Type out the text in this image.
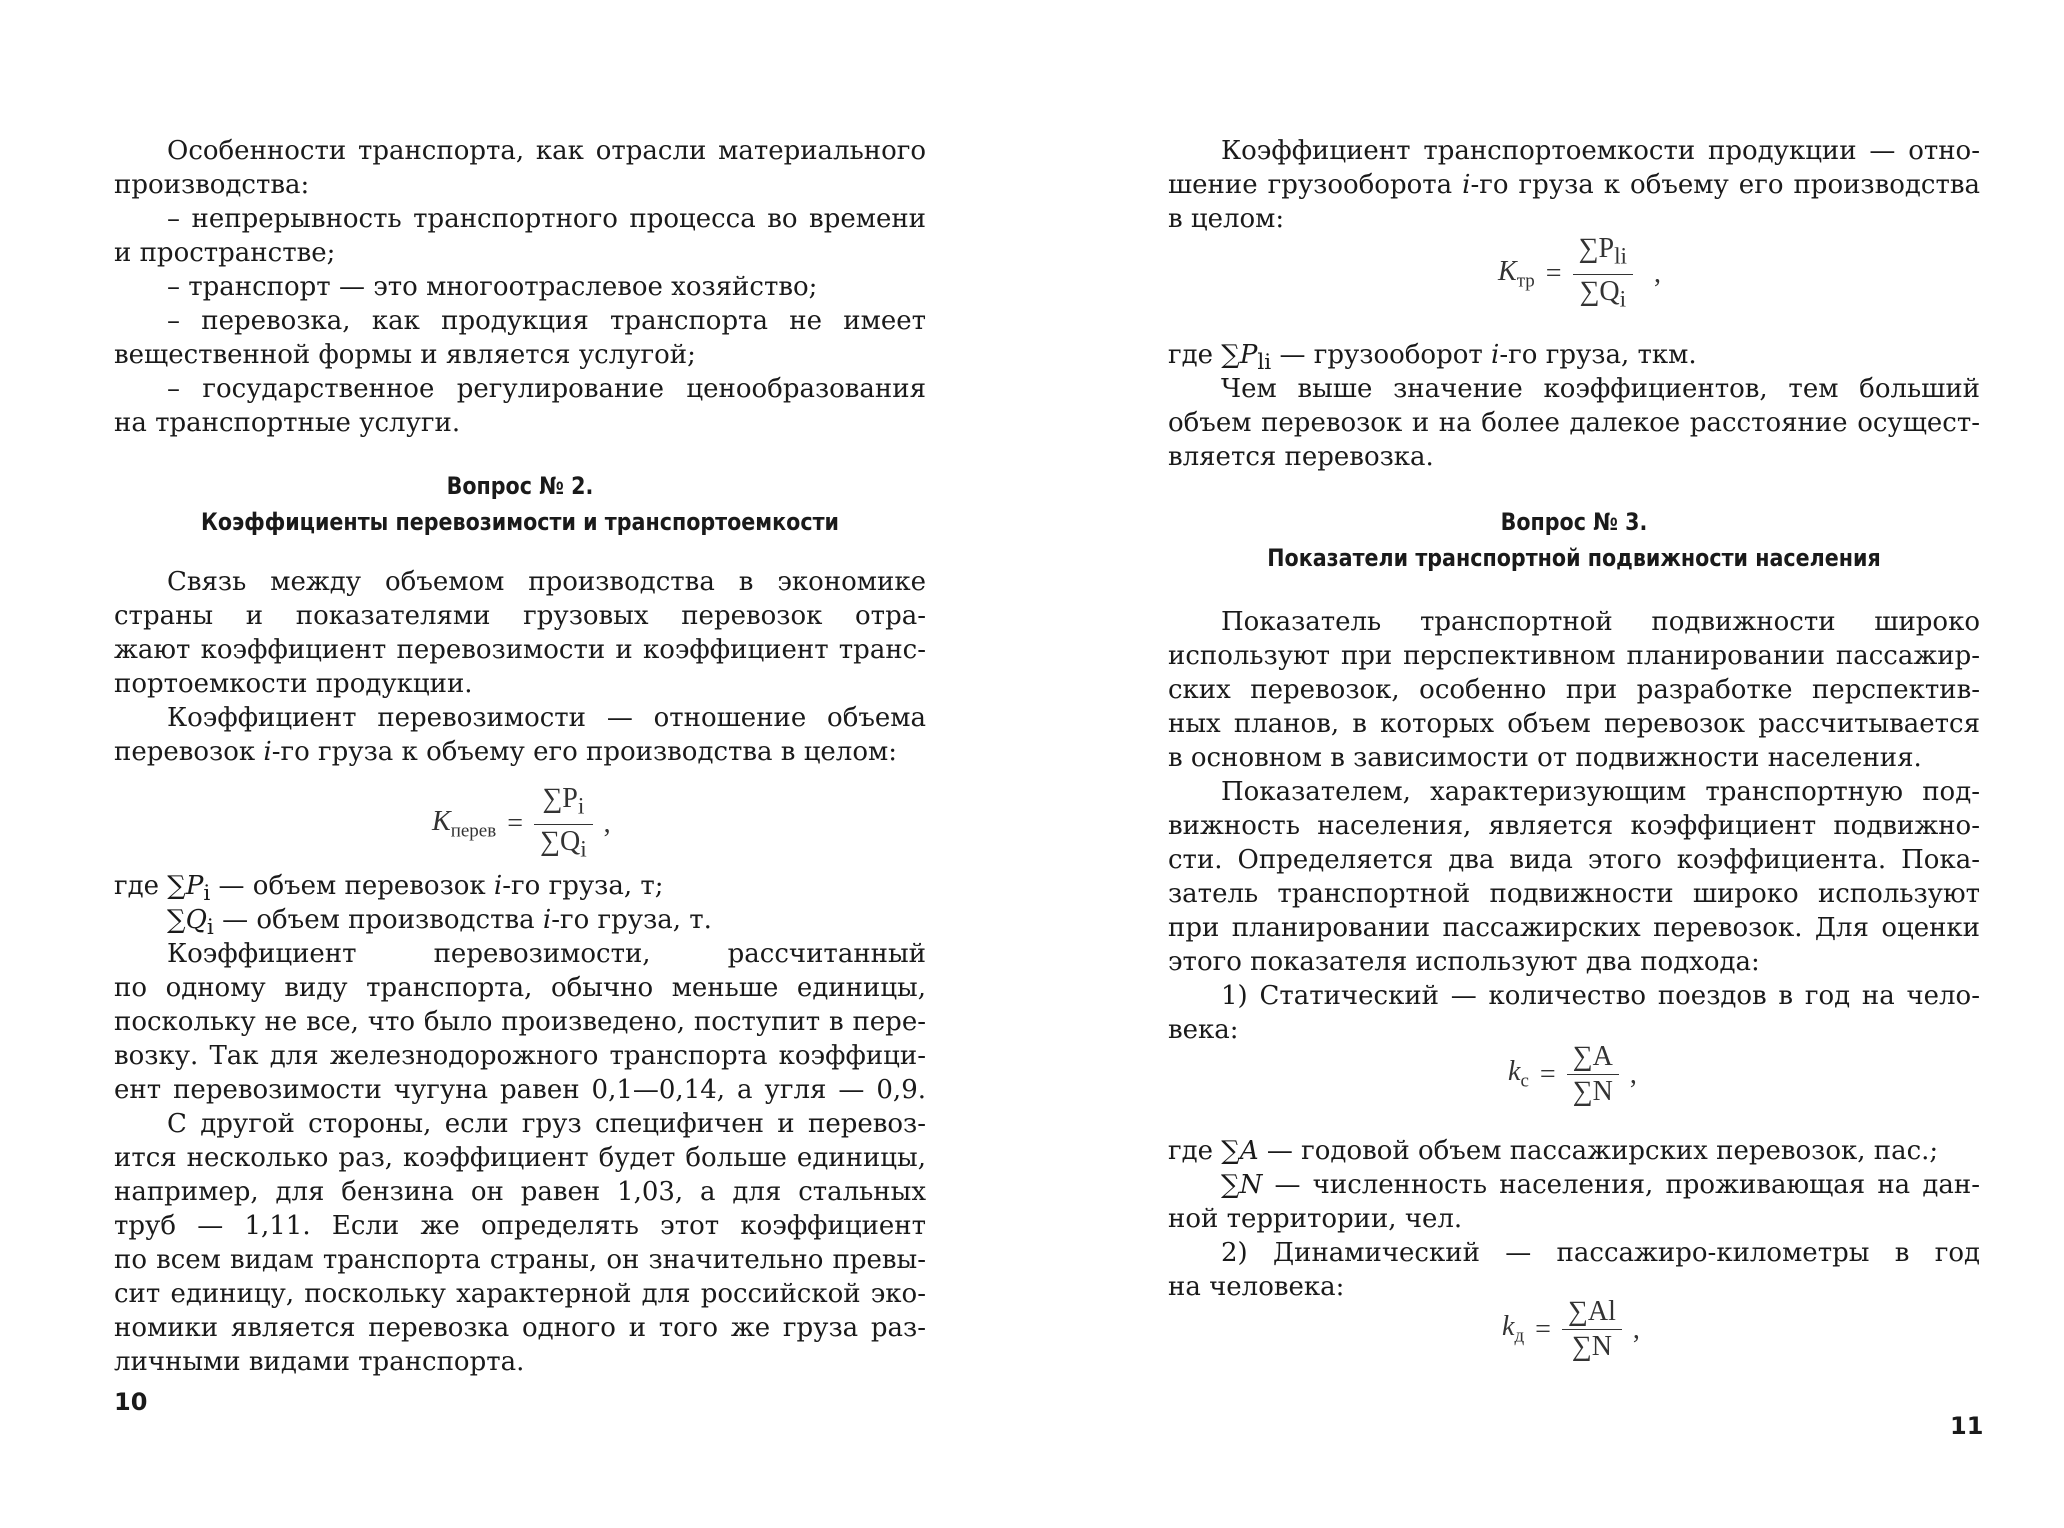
Особенности транспорта, как отрасли материального
производства:
– непрерывность транспортного процесса во времени
и пространстве;
– транспорт — это многоотраслевое хозяйство;
– перевозка, как продукция транспорта не имеет
вещественной формы и является услугой;
– государственное регулирование ценообразования
на транспортные услуги.
Вопрос № 2.
Коэффициенты перевозимости и транспортоемкости
Связь между объемом производства в экономике
страны и показателями грузовых перевозок отра-
жают коэффициент перевозимости и коэффициент транс-
портоемкости продукции.
Коэффициент перевозимости — отношение объема
перевозок i-го груза к объему его производства в целом:
$K_{перев} = \frac{\sum P_i}{\sum Q_i}$ ,
где $\sum P_i$ — объем перевозок i-го груза, т;
$\sum Q_i$ — объем производства i-го груза, т.
Коэффициент перевозимости, рассчитанный
по одному виду транспорта, обычно меньше единицы,
поскольку не все, что было произведено, поступит в пере-
возку. Так для железнодорожного транспорта коэффици-
ент перевозимости чугуна равен 0,1—0,14, а угля — 0,9.
С другой стороны, если груз специфичен и перевоз-
ится несколько раз, коэффициент будет больше единицы,
например, для бензина он равен 1,03, а для стальных
труб — 1,11. Если же определять этот коэффициент
по всем видам транспорта страны, он значительно превы-
сит единицу, поскольку характерной для российской эко-
номики является перевозка одного и того же груза раз-
личными видами транспорта.
10
Коэффициент транспортоемкости продукции — отно-
шение грузооборота i-го груза к объему его производства
в целом:
$K_{тр} = \frac{\sum P_{li}}{\sum Q_i}$ ,
где $\sum P_{li}$ — грузооборот i-го груза, ткм.
Чем выше значение коэффициентов, тем больший
объем перевозок и на более далекое расстояние осущест-
вляется перевозка.
Вопрос № 3.
Показатели транспортной подвижности населения
Показатель транспортной подвижности широко
используют при перспективном планировании пассажир-
ских перевозок, особенно при разработке перспектив-
ных планов, в которых объем перевозок рассчитывается
в основном в зависимости от подвижности населения.
Показателем, характеризующим транспортную под-
вижность населения, является коэффициент подвижно-
сти. Определяется два вида этого коэффициента. Пока-
затель транспортной подвижности широко используют
при планировании пассажирских перевозок. Для оценки
этого показателя используют два подхода:
1) Статический — количество поездов в год на чело-
века:
$k_c = \frac{\sum A}{\sum N}$ ,
где ∑A — годовой объем пассажирских перевозок, пас.;
∑N — численность населения, проживающая на дан-
ной территории, чел.
2) Динамический — пассажиро-километры в год
на человека:
$k_д = \frac{\sum Al}{\sum N}$ ,
11
